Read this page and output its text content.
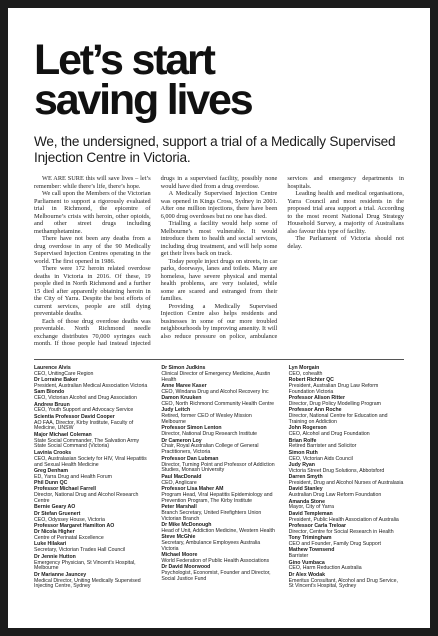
Let’s start
saving lives
We, the undersigned, support a trial of a Medically Supervised Injection Centre in Victoria.

WE ARE SURE this will save lives – let’s remember: while there’s life, there’s hope.

We call upon the Members of the Victorian Parliament to support a rigorously evaluated trial in Richmond, the epicentre of Melbourne’s crisis with heroin, other opioids, and other street drugs including methamphetamine.

There have not been any deaths from a drug overdose in any of the 90 Medically Supervised Injection Centres operating in the world. The first opened in 1986.

There were 172 heroin related overdose deaths in Victoria in 2016. Of these, 19 people died in North Richmond and a further 15 died after apparently obtaining heroin in the City of Yarra. Despite the best efforts of current services, people are still dying preventable deaths.

Each of those drug overdose deaths was preventable. North Richmond needle exchange distributes 70,000 syringes each month. If those people had instead injected drugs in a supervised facility, possibly none would have died from a drug overdose.

A Medically Supervised Injection Centre was opened in Kings Cross, Sydney in 2001. After one million injections, there have been 6,000 drug overdoses but no one has died.

Trialling a facility would help some of Melbourne’s most vulnerable. It would introduce them to health and social services, including drug treatment, and will help some get their lives back on track.

Today people inject drugs on streets, in car parks, doorways, lanes and toilets. Many are homeless, have severe physical and mental health problems, are very isolated, while some are scared and estranged from their families.

Providing a Medically Supervised Injection Centre also helps residents and businesses in some of our more troubled neighbourhoods by improving amenity. It will also reduce pressure on police, ambulance services and emergency departments in hospitals.

Leading health and medical organisations, Yarra Council and most residents in the proposed trial area support a trial. According to the most recent National Drug Strategy Household Survey, a majority of Australians also favour this type of facility.

The Parliament of Victoria should not delay.

Laurence Alvis
CEO, UnitingCare Region
Dr Lorraine Baker
President, Australian Medical Association Victoria
Sam Biondo
CEO, Victorian Alcohol and Drug Association
Andrew Bruun
CEO, Youth Support and Advocacy Service
Scientia Professor David Cooper
AO FAA, Director, Kirby Institute, Faculty of Medicine, UNSW
Major Michael Coleman
State Social Commander, The Salvation Army State Social Command (Victoria)
Lavinia Crooks
CEO, Australasian Society for HIV, Viral Hepatitis and Sexual Health Medicine
Greg Denham
ED, Yarra Drug and Health Forum
Phil Dunn QC
Professor Michael Farrell
Director, National Drug and Alcohol Research Centre
Bernie Geary AO
Dr Stefan Gruenert
CEO, Odyssey House, Victoria
Professor Margaret Hamilton AO
Dr Nicola Higher
Centre of Perinatal Excellence
Luke Hilakari
Secretary, Victorian Trades Hall Council
Dr Jennie Hutton
Emergency Physician, St Vincent’s Hospital, Melbourne
Dr Marianne Jauncey
Medical Director, Uniting Medically Supervised Injecting Centre, Sydney
Dr Simon Judkins
Clinical Director of Emergency Medicine, Austin Health
Anne Maree Kaser
CEO, Windana Drug and Alcohol Recovery Inc
Damon Kruuken
CEO, North Richmond Community Health Centre
Judy Leitch
Retired, former CEO of Wesley Mission Melbourne
Professor Simon Lenton
Director, National Drug Research Institute
Dr Cameron Loy
Chair, Royal Australian College of General Practitioners, Victoria
Professor Dan Lubman
Director, Turning Point and Professor of Addiction Studies, Monash University
Paul MacDonald
CEO, Anglicare
Professor Lisa Maher AM
Program Head, Viral Hepatitis Epidemiology and Prevention Program, The Kirby Institute
Peter Marshall
Branch Secretary, United Firefighters Union Victorian Branch
Dr Mike McDonough
Head of Unit, Addiction Medicine, Western Health
Steve McGhie
Secretary, Ambulance Employees Australia Victoria
Michael Moore
World Federation of Public Health Associations
Dr David Moorwood
Psychologist, Economist, Founder and Director, Social Justice Fund
Lyn Morgain
CEO, cohealth
Robert Richter QC
President, Australian Drug Law Reform Foundation Victoria
Professor Alison Ritter
Director, Drug Policy Modelling Program
Professor Ann Roche
Director, National Centre for Education and Training on Addiction
John Rogerson
CEO, Alcohol and Drug Foundation
Brian Rolfe
Retired Barrister and Solicitor
Simon Ruth
CEO, Victorian Aids Council
Judy Ryan
Victoria Street Drug Solutions, Abbotsford
Darren Smyth
President, Drug and Alcohol Nurses of Australasia
David Stanley
Australian Drug Law Reform Foundation
Amanda Stone
Mayor, City of Yarra
David Templeman
President, Public Health Association of Australia
Professor Carla Treloar
Director, Centre for Social Research in Health
Tony Trimingham
CEO and Founder, Family Drug Support
Mathew Townsend
Barrister
Gino Vumbaca
CEO, Harm Reduction Australia
Dr Alex Wodak
Emeritus Consultant, Alcohol and Drug Service, St Vincent’s Hospital, Sydney
